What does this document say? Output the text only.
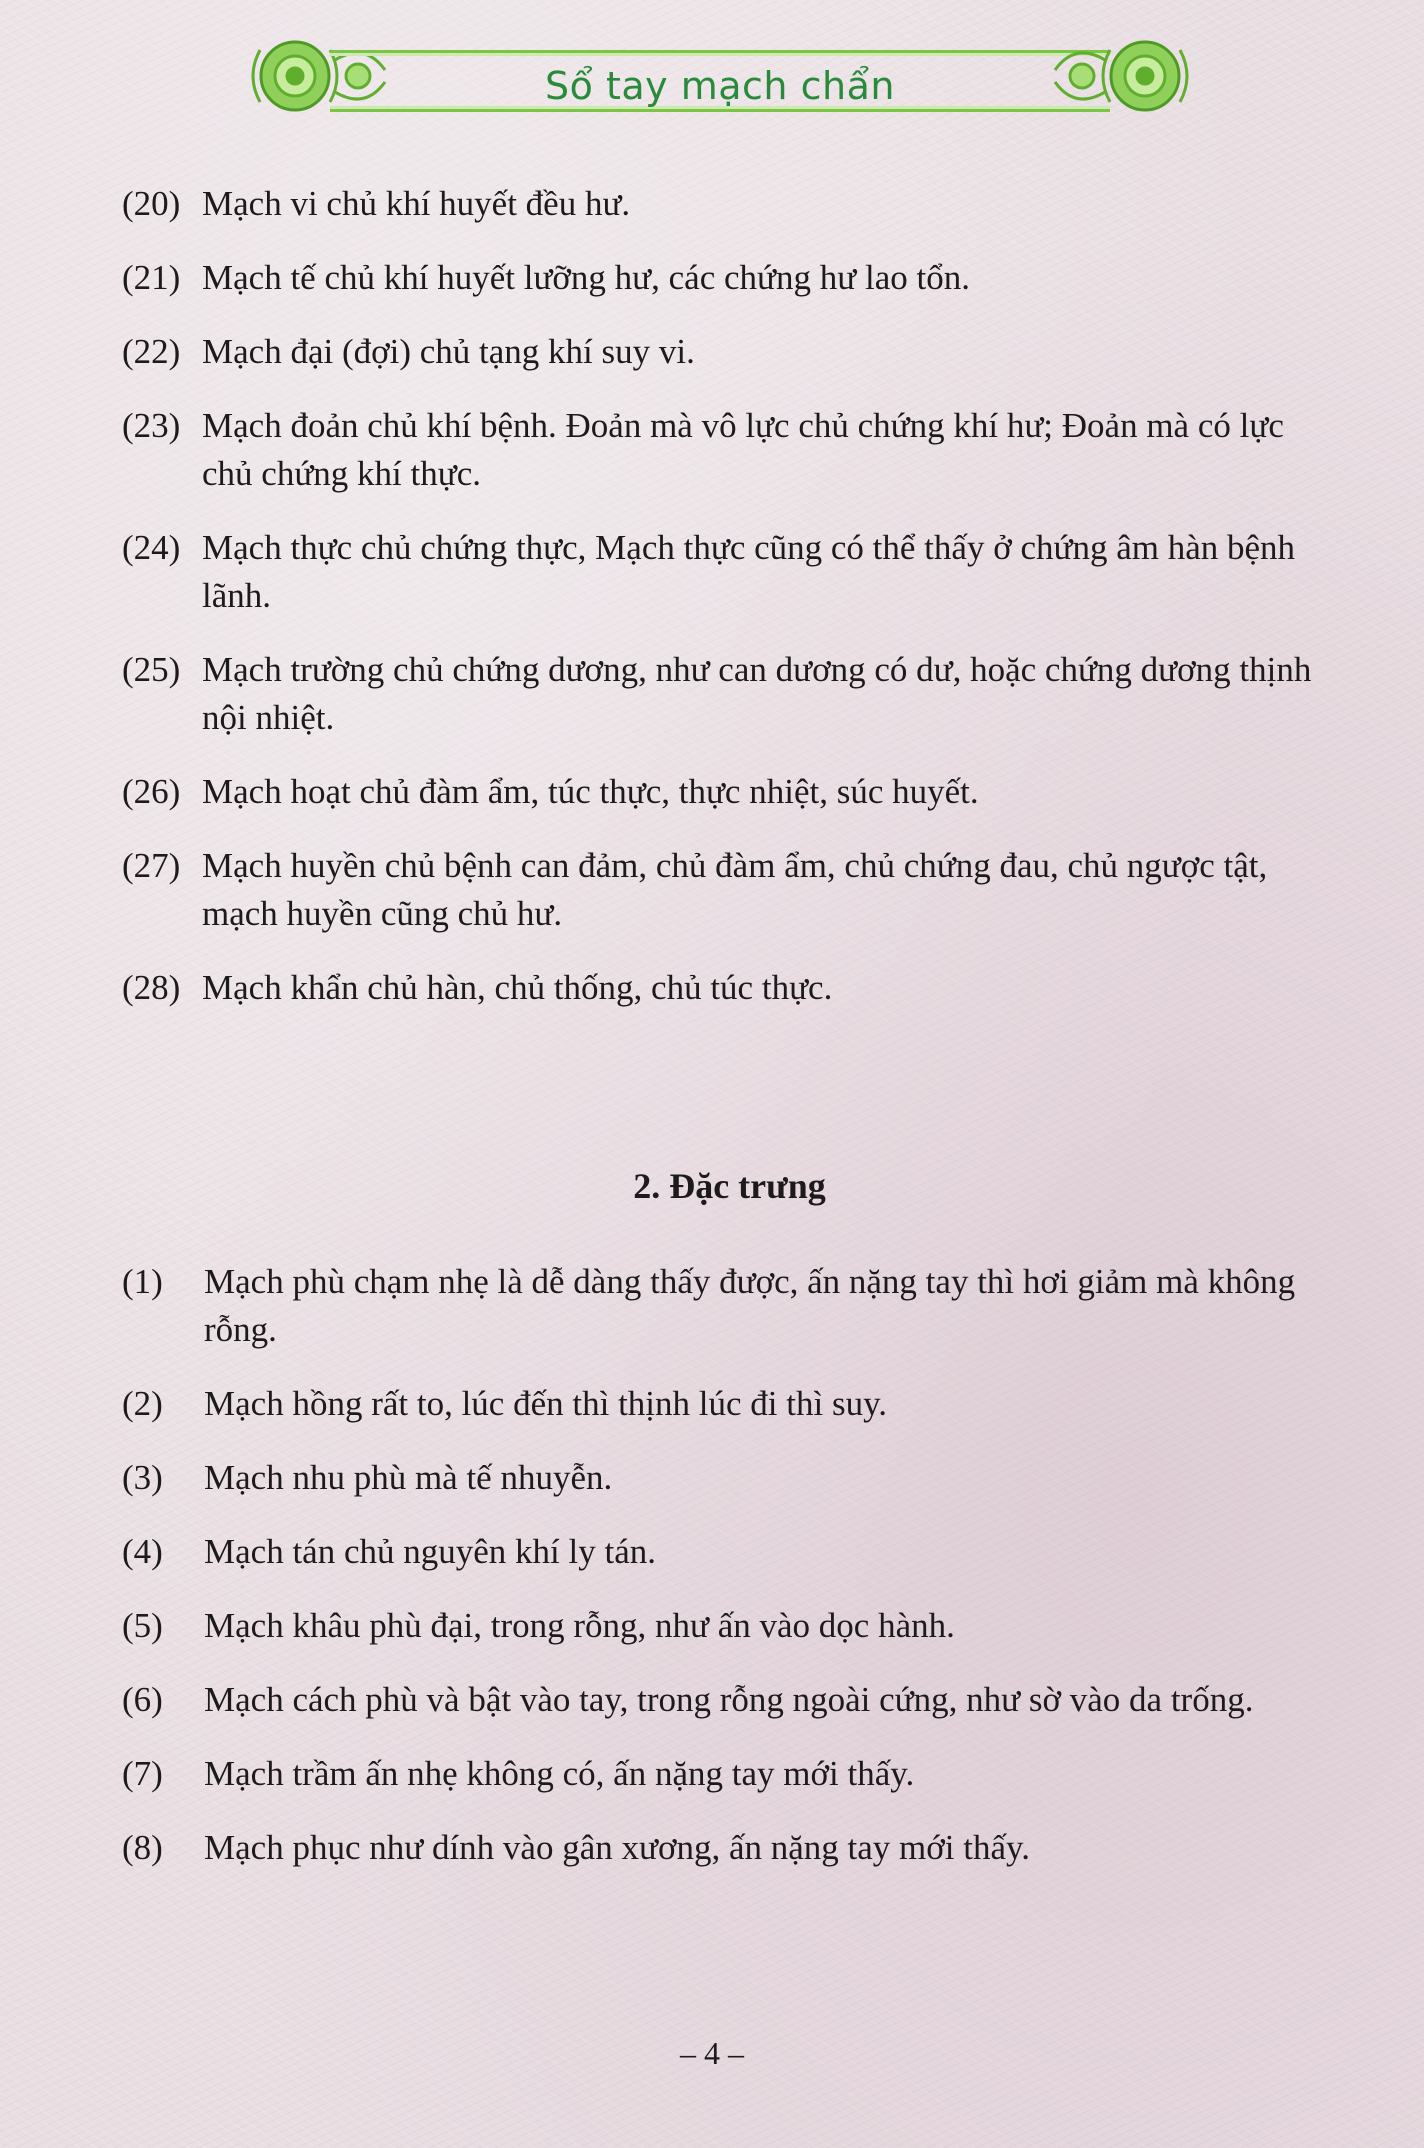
Sổ tay mạch chẩn
(20) Mạch vi chủ khí huyết đều hư.
(21) Mạch tế chủ khí huyết lưỡng hư, các chứng hư lao tổn.
(22) Mạch đại (đợi) chủ tạng khí suy vi.
(23) Mạch đoản chủ khí bệnh. Đoản mà vô lực chủ chứng khí hư; Đoản mà có lực chủ chứng khí thực.
(24) Mạch thực chủ chứng thực, Mạch thực cũng có thể thấy ở chứng âm hàn bệnh lãnh.
(25) Mạch trường chủ chứng dương, như can dương có dư, hoặc chứng dương thịnh nội nhiệt.
(26) Mạch hoạt chủ đàm ẩm, túc thực, thực nhiệt, súc huyết.
(27) Mạch huyền chủ bệnh can đảm, chủ đàm ẩm, chủ chứng đau, chủ ngược tật, mạch huyền cũng chủ hư.
(28) Mạch khẩn chủ hàn, chủ thống, chủ túc thực.
2. Đặc trưng
(1) Mạch phù chạm nhẹ là dễ dàng thấy được, ấn nặng tay thì hơi giảm mà không rỗng.
(2) Mạch hồng rất to, lúc đến thì thịnh lúc đi thì suy.
(3) Mạch nhu phù mà tế nhuyễn.
(4) Mạch tán chủ nguyên khí ly tán.
(5) Mạch khâu phù đại, trong rỗng, như ấn vào dọc hành.
(6) Mạch cách phù và bật vào tay, trong rỗng ngoài cứng, như sờ vào da trống.
(7) Mạch trầm ấn nhẹ không có, ấn nặng tay mới thấy.
(8) Mạch phục như dính vào gân xương, ấn nặng tay mới thấy.
– 4 –
